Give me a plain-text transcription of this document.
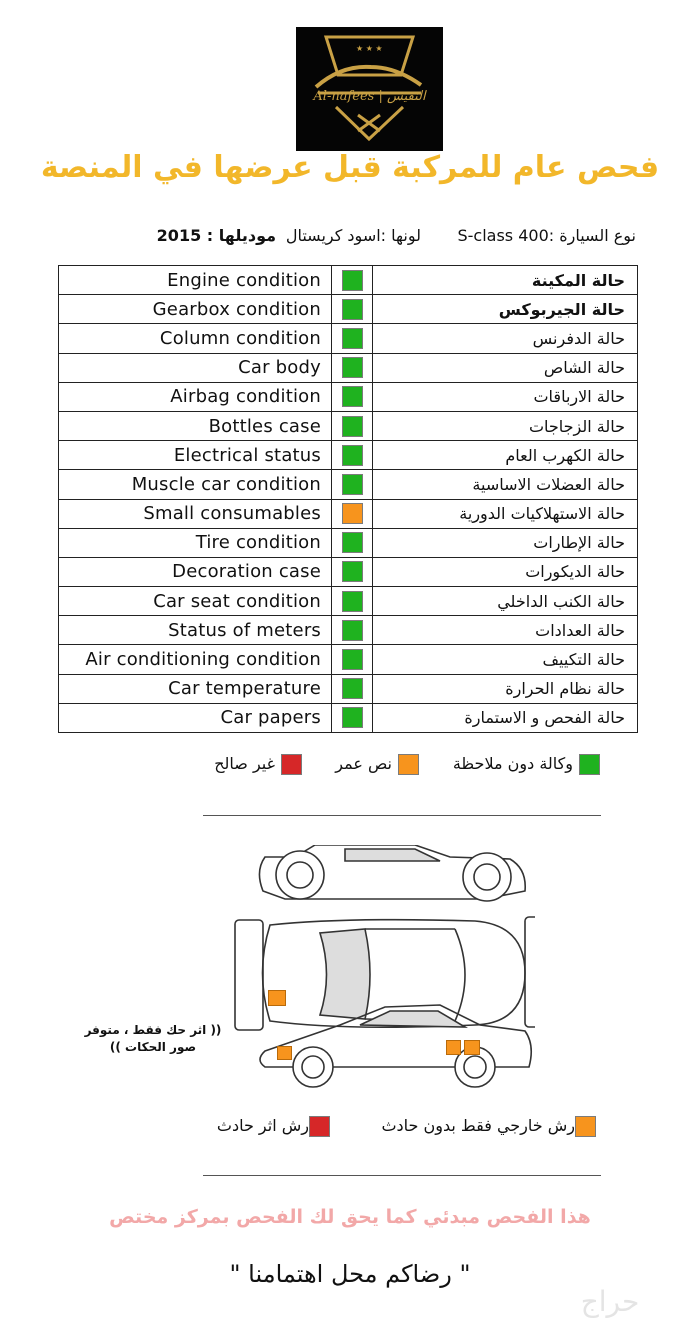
★ ★ ★
Al-nafees | النفيس
فحص عام للمركبة قبل عرضها في المنصة
نوع السيارة :400 S-class
لونها :اسود كريستال
موديلها : 2015
Engine condition		حالة المكينة
Gearbox condition		حالة الجيربوكس
Column condition		حالة الدفرنس
Car body		حالة الشاص
Airbag condition		حالة الارباقات
Bottles case		حالة الزجاجات
Electrical status		حالة الكهرب العام
Muscle car condition		حالة العضلات الاساسية
Small consumables		حالة الاستهلاكيات الدورية
Tire condition		حالة الإطارات
Decoration case		حالة الديكورات
Car seat condition		حالة الكنب الداخلي
Status of meters		حالة العدادات
Air conditioning condition		حالة التكييف
Car temperature		حالة نظام الحرارة
Car papers		حالة الفحص و الاستمارة
وكالة دون ملاحظة
نص عمر
غير صالح
(( اثر حك فقط ، متوفر صور الحكات ))
رش خارجي فقط بدون حادث
رش اثر حادث
هذا الفحص مبدئي كما يحق لك الفحص بمركز مختص
" رضاكم محل اهتمامنا "
حراج
